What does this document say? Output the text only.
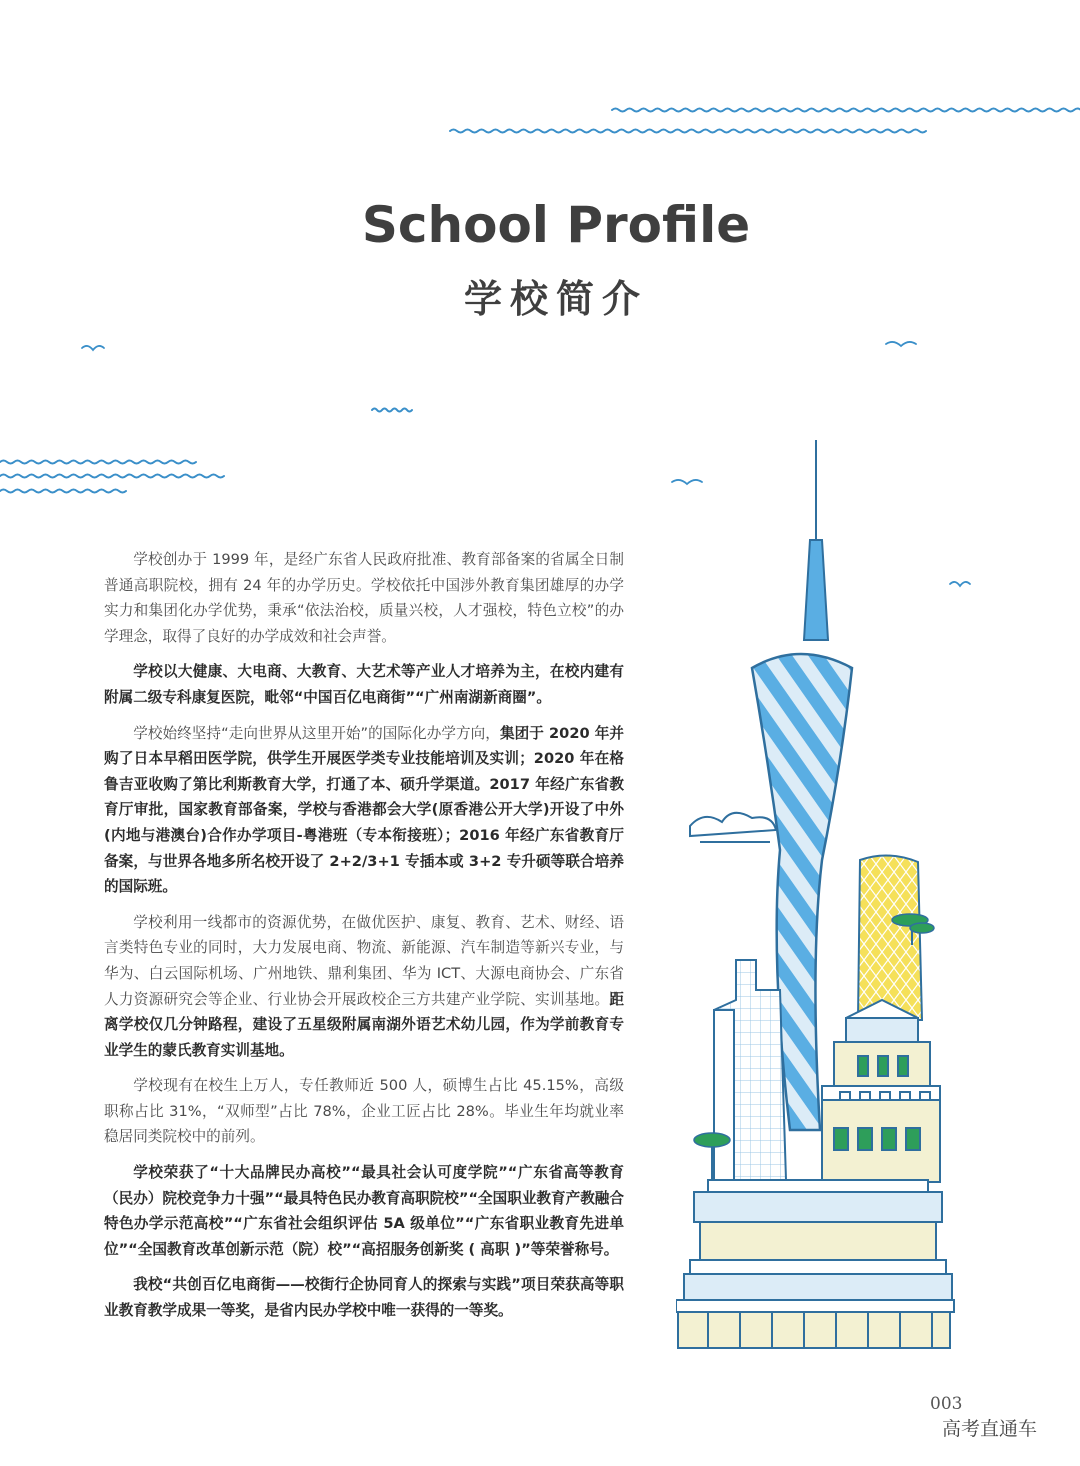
School Profile
学校简介

学校创办于 1999 年，是经广东省人民政府批准、教育部备案的省属全日制普通高职院校，拥有 24 年的办学历史。学校依托中国涉外教育集团雄厚的办学实力和集团化办学优势，秉承“依法治校，质量兴校，人才强校，特色立校”的办学理念，取得了良好的办学成效和社会声誉。

学校以大健康、大电商、大教育、大艺术等产业人才培养为主，在校内建有附属二级专科康复医院，毗邻“中国百亿电商街”“广州南湖新商圈”。

学校始终坚持“走向世界从这里开始”的国际化办学方向，集团于 2020 年并购了日本早稻田医学院，供学生开展医学类专业技能培训及实训；2020 年在格鲁吉亚收购了第比利斯教育大学，打通了本、硕升学渠道。2017 年经广东省教育厅审批，国家教育部备案，学校与香港都会大学(原香港公开大学)开设了中外(内地与港澳台)合作办学项目-粤港班（专本衔接班）；2016 年经广东省教育厅备案，与世界各地多所名校开设了 2+2/3+1 专插本或 3+2 专升硕等联合培养的国际班。

学校利用一线都市的资源优势，在做优医护、康复、教育、艺术、财经、语言类特色专业的同时，大力发展电商、物流、新能源、汽车制造等新兴专业，与华为、白云国际机场、广州地铁、鼎利集团、华为 ICT、大源电商协会、广东省人力资源研究会等企业、行业协会开展政校企三方共建产业学院、实训基地。距离学校仅几分钟路程，建设了五星级附属南湖外语艺术幼儿园，作为学前教育专业学生的蒙氏教育实训基地。

学校现有在校生上万人，专任教师近 500 人，硕博生占比 45.15%，高级职称占比 31%，“双师型”占比 78%，企业工匠占比 28%。毕业生年均就业率稳居同类院校中的前列。

学校荣获了“十大品牌民办高校”“最具社会认可度学院”“广东省高等教育（民办）院校竞争力十强”“最具特色民办教育高职院校”“全国职业教育产教融合特色办学示范高校”“广东省社会组织评估 5A 级单位”“广东省职业教育先进单位”“全国教育改革创新示范（院）校”“高招服务创新奖 ( 高职 )”等荣誉称号。

我校“共创百亿电商街——校街行企协同育人的探索与实践”项目荣获高等职业教育教学成果一等奖，是省内民办学校中唯一获得的一等奖。

003
高考直通车
